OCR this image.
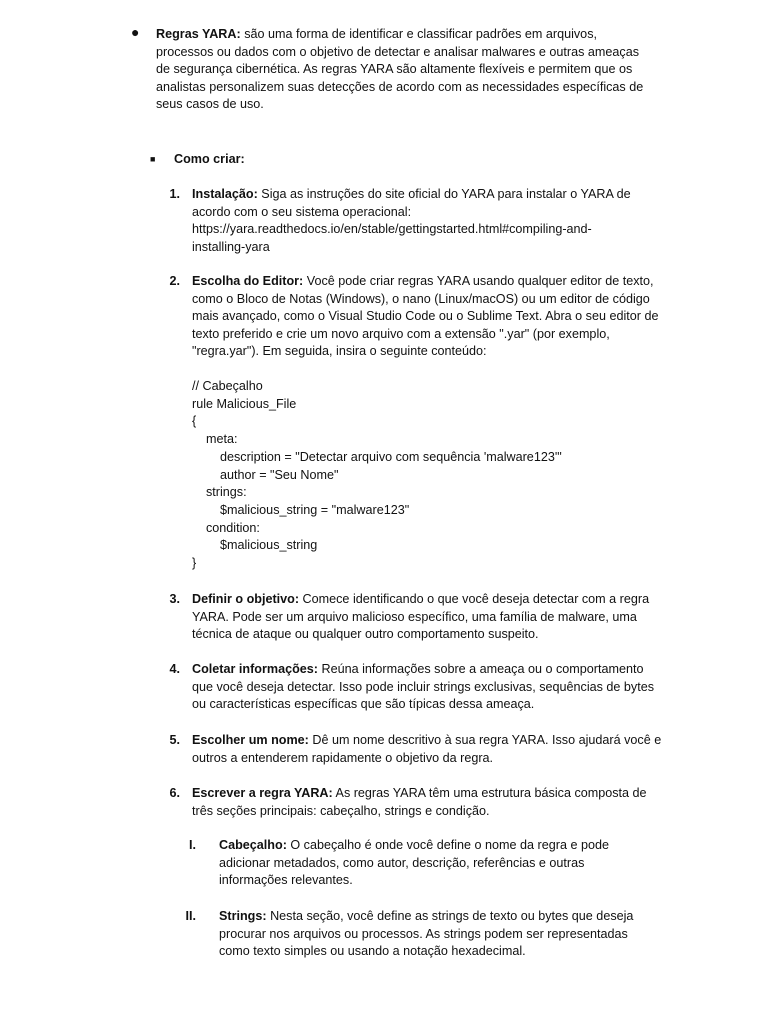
● Regras YARA: são uma forma de identificar e classificar padrões em arquivos, processos ou dados com o objetivo de detectar e analisar malwares e outras ameaças de segurança cibernética. As regras YARA são altamente flexíveis e permitem que os analistas personalizem suas detecções de acordo com as necessidades específicas de seus casos de uso.
■ Como criar:
1. Instalação: Siga as instruções do site oficial do YARA para instalar o YARA de acordo com o seu sistema operacional: https://yara.readthedocs.io/en/stable/gettingstarted.html#compiling-and-installing-yara
2. Escolha do Editor: Você pode criar regras YARA usando qualquer editor de texto, como o Bloco de Notas (Windows), o nano (Linux/macOS) ou um editor de código mais avançado, como o Visual Studio Code ou o Sublime Text. Abra o seu editor de texto preferido e crie um novo arquivo com a extensão ".yar" (por exemplo, "regra.yar"). Em seguida, insira o seguinte conteúdo:
// Cabeçalho
rule Malicious_File
{
meta:
description = "Detectar arquivo com sequência 'malware123'"
author = "Seu Nome"
strings:
$malicious_string = "malware123"
condition:
$malicious_string
}
3. Definir o objetivo: Comece identificando o que você deseja detectar com a regra YARA. Pode ser um arquivo malicioso específico, uma família de malware, uma técnica de ataque ou qualquer outro comportamento suspeito.
4. Coletar informações: Reúna informações sobre a ameaça ou o comportamento que você deseja detectar. Isso pode incluir strings exclusivas, sequências de bytes ou características específicas que são típicas dessa ameaça.
5. Escolher um nome: Dê um nome descritivo à sua regra YARA. Isso ajudará você e outros a entenderem rapidamente o objetivo da regra.
6. Escrever a regra YARA: As regras YARA têm uma estrutura básica composta de três seções principais: cabeçalho, strings e condição.
I. Cabeçalho: O cabeçalho é onde você define o nome da regra e pode adicionar metadados, como autor, descrição, referências e outras informações relevantes.
II. Strings: Nesta seção, você define as strings de texto ou bytes que deseja procurar nos arquivos ou processos. As strings podem ser representadas como texto simples ou usando a notação hexadecimal.
